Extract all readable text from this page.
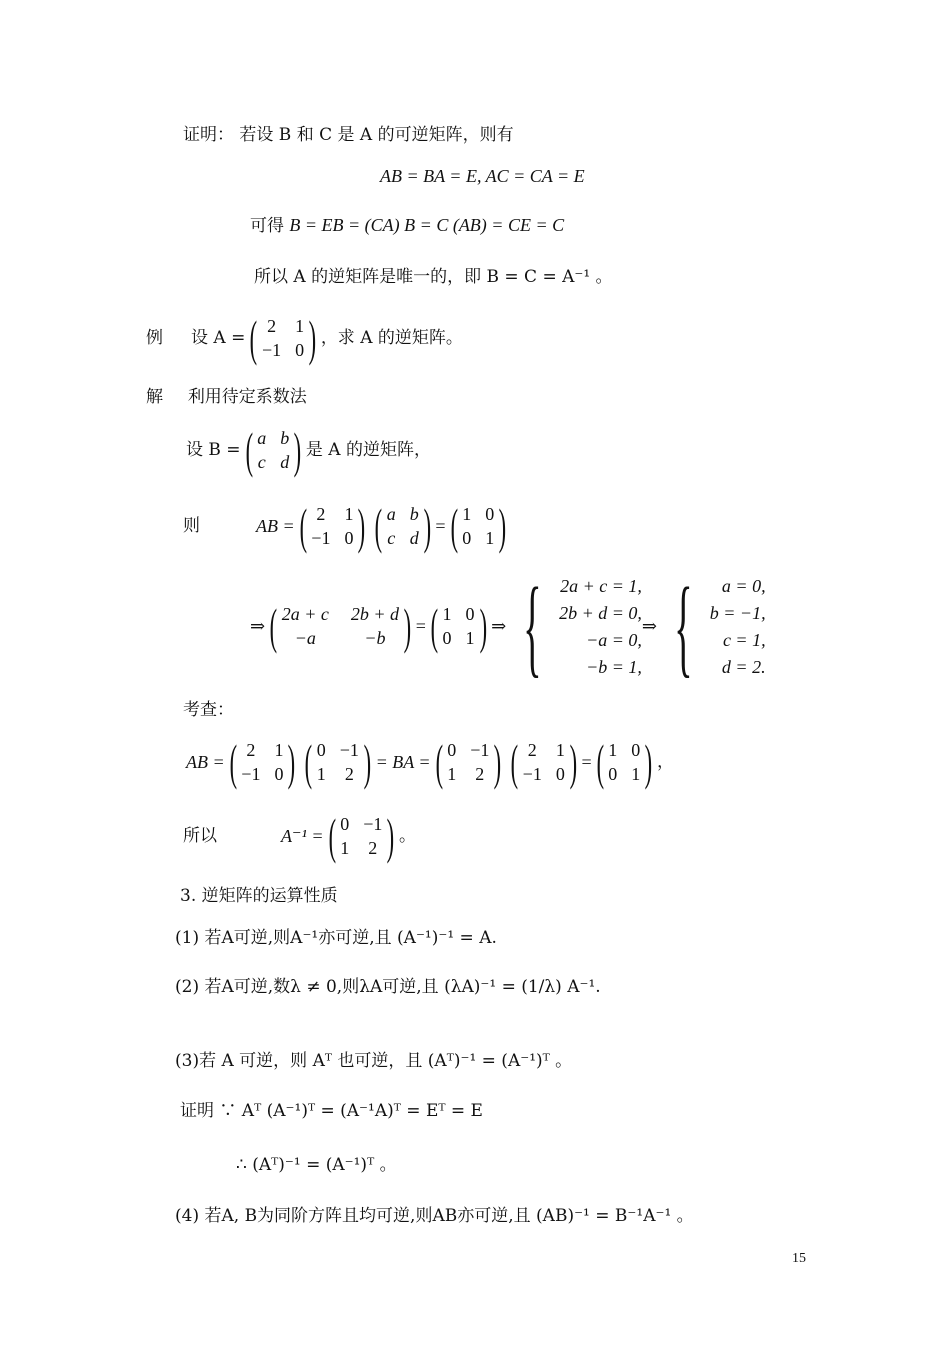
证明： 若设 B 和 C 是 A 的可逆矩阵，则有
AB = BA = E, AC = CA = E
可得 B = EB = (CA) B = C (AB) = CE = C
所以 A 的逆矩阵是唯一的，即 B = C = A⁻¹ 。
例 设 A = ( 2 1
−1 0 ) ，求 A 的逆矩阵。
解 利用待定系数法
设 B = ( a b
c d ) 是 A 的逆矩阵，
则	AB = ( 2 1
−1 0 ) ( a b
c d ) = ( 1 0
0 1 )
⇒ ( 2a + c 2b + d
−a	−b ) = ( 1 0
0 1 ) ⇒ { 2a + c = 1,
2b + d = 0,
−a = 0,
−b = 1,
⇒ { a = 0,
b = −1,
c = 1,
d = 2.
考查：
AB = ( 2 1
−1 0 ) ( 0 −1
1 2 ) = BA = ( 0 −1
1 2 ) ( 2 1
−1 0 ) = ( 1 0
0 1 ) ，
所以	A⁻¹ = ( 0 −1
1 2 ) 。
3. 逆矩阵的运算性质
(1) 若A可逆,则A⁻¹亦可逆,且 (A⁻¹)⁻¹ = A.
(2) 若A可逆,数λ ≠ 0,则λA可逆,且 (λA)⁻¹ = (1/λ) A⁻¹.
(3)若 A 可逆，则 Aᵀ 也可逆，且 (Aᵀ)⁻¹ = (A⁻¹)ᵀ 。
证明 ∵ Aᵀ (A⁻¹)ᵀ = (A⁻¹A)ᵀ = Eᵀ = E
∴ (Aᵀ)⁻¹ = (A⁻¹)ᵀ 。
(4) 若A, B为同阶方阵且均可逆,则AB亦可逆,且 (AB)⁻¹ = B⁻¹A⁻¹ 。
15
